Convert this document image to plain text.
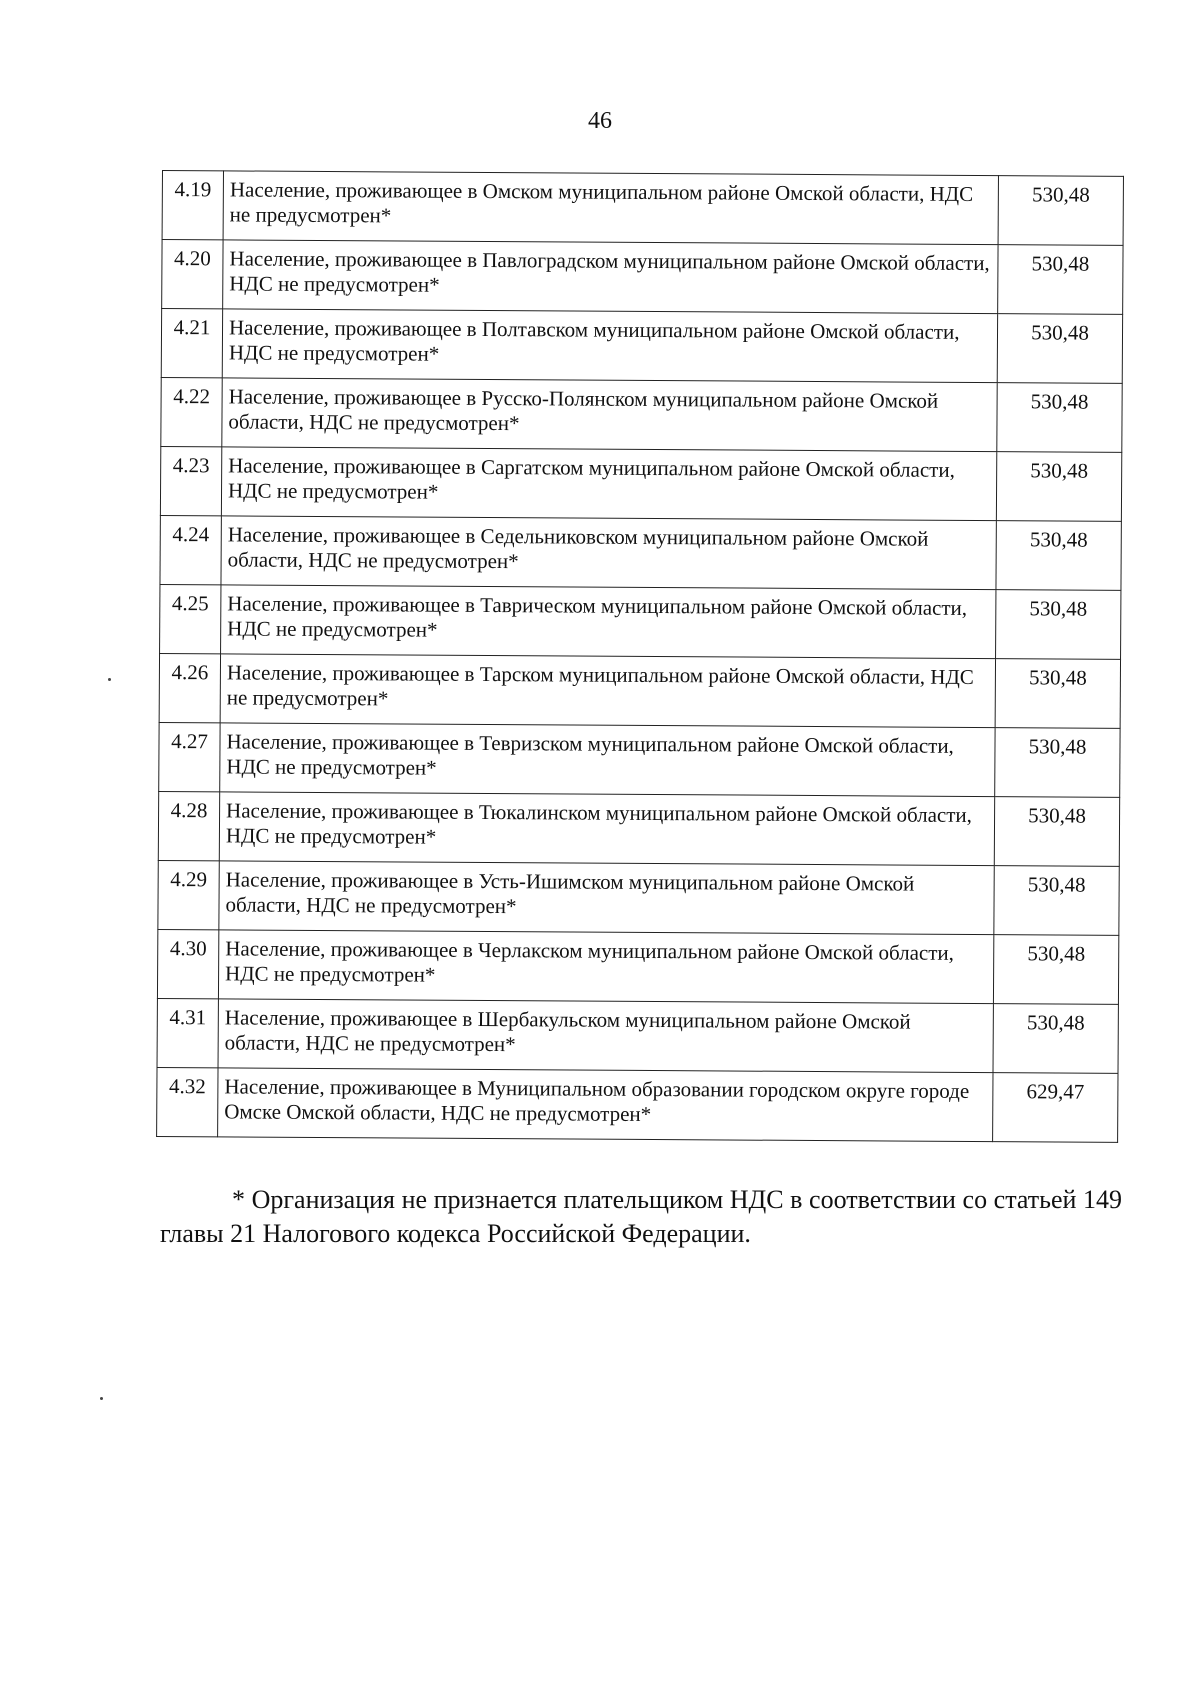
46
4.19	Население, проживающее в Омском муниципальном районе Омской области, НДС не предусмотрен*	530,48
4.20	Население, проживающее в Павлоградском муниципальном районе Омской области, НДС не предусмотрен*	530,48
4.21	Население, проживающее в Полтавском муниципальном районе Омской области, НДС не предусмотрен*	530,48
4.22	Население, проживающее в Русско-Полянском муниципальном районе Омской области, НДС не предусмотрен*	530,48
4.23	Население, проживающее в Саргатском муниципальном районе Омской области, НДС не предусмотрен*	530,48
4.24	Население, проживающее в Седельниковском муниципальном районе Омской области, НДС не предусмотрен*	530,48
4.25	Население, проживающее в Таврическом муниципальном районе Омской области, НДС не предусмотрен*	530,48
4.26	Население, проживающее в Тарском муниципальном районе Омской области, НДС не предусмотрен*	530,48
4.27	Население, проживающее в Тевризском муниципальном районе Омской области, НДС не предусмотрен*	530,48
4.28	Население, проживающее в Тюкалинском муниципальном районе Омской области, НДС не предусмотрен*	530,48
4.29	Население, проживающее в Усть-Ишимском муниципальном районе Омской области, НДС не предусмотрен*	530,48
4.30	Население, проживающее в Черлакском муниципальном районе Омской области, НДС не предусмотрен*	530,48
4.31	Население, проживающее в Шербакульском муниципальном районе Омской области, НДС не предусмотрен*	530,48
4.32	Население, проживающее в Муниципальном образовании городском округе городе Омске Омской области, НДС не предусмотрен*	629,47

* Организация не признается плательщиком НДС в соответствии со статьей 149 главы 21 Налогового кодекса Российской Федерации.
